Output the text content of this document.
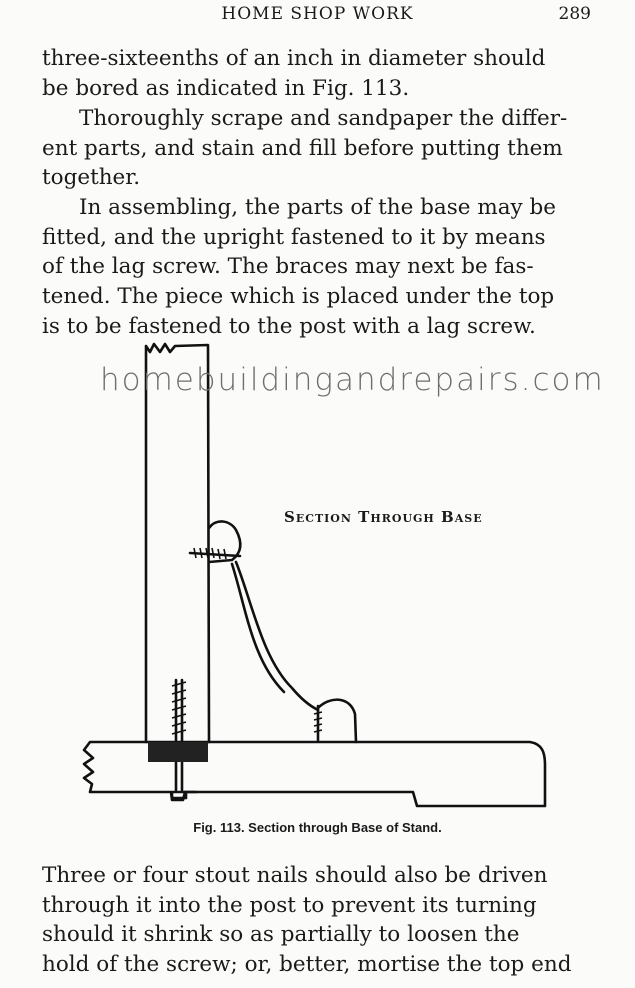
HOME SHOP WORK	289

three-sixteenths of an inch in diameter should
be bored as indicated in Fig. 113.

Thoroughly scrape and sandpaper the differ-
ent parts, and stain and fill before putting them
together.

In assembling, the parts of the base may be
fitted, and the upright fastened to it by means
of the lag screw. The braces may next be fas-
tened. The piece which is placed under the top
is to be fastened to the post with a lag screw.

homebuildingandrepairs.com
Section Through Base
Fig. 113. Section through Base of Stand.

Three or four stout nails should also be driven
through it into the post to prevent its turning
should it shrink so as partially to loosen the
hold of the screw; or, better, mortise the top end
